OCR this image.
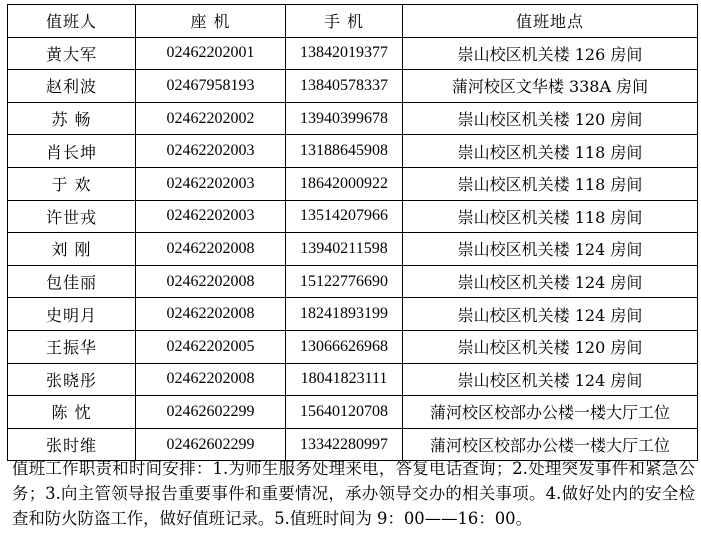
值班人	座 机	手 机	值班地点
黄大军	02462202001	13842019377	崇山校区机关楼 126 房间
赵利波	02467958193	13840578337	蒲河校区文华楼 338A 房间
苏 畅	02462202002	13940399678	崇山校区机关楼 120 房间
肖长坤	02462202003	13188645908	崇山校区机关楼 118 房间
于 欢	02462202003	18642000922	崇山校区机关楼 118 房间
许世戎	02462202003	13514207966	崇山校区机关楼 118 房间
刘 刚	02462202008	13940211598	崇山校区机关楼 124 房间
包佳丽	02462202008	15122776690	崇山校区机关楼 124 房间
史明月	02462202008	18241893199	崇山校区机关楼 124 房间
王振华	02462202005	13066626968	崇山校区机关楼 120 房间
张晓彤	02462202008	18041823111	崇山校区机关楼 124 房间
陈 忱	02462602299	15640120708	蒲河校区校部办公楼一楼大厅工位
张时维	02462602299	13342280997	蒲河校区校部办公楼一楼大厅工位
值班工作职责和时间安排：1.为师生服务处理来电，答复电话查询；2.处理突发事件和紧急公务；3.向主管领导报告重要事件和重要情况，承办领导交办的相关事项。4.做好处内的安全检查和防火防盗工作，做好值班记录。5.值班时间为 9：00——16：00。
